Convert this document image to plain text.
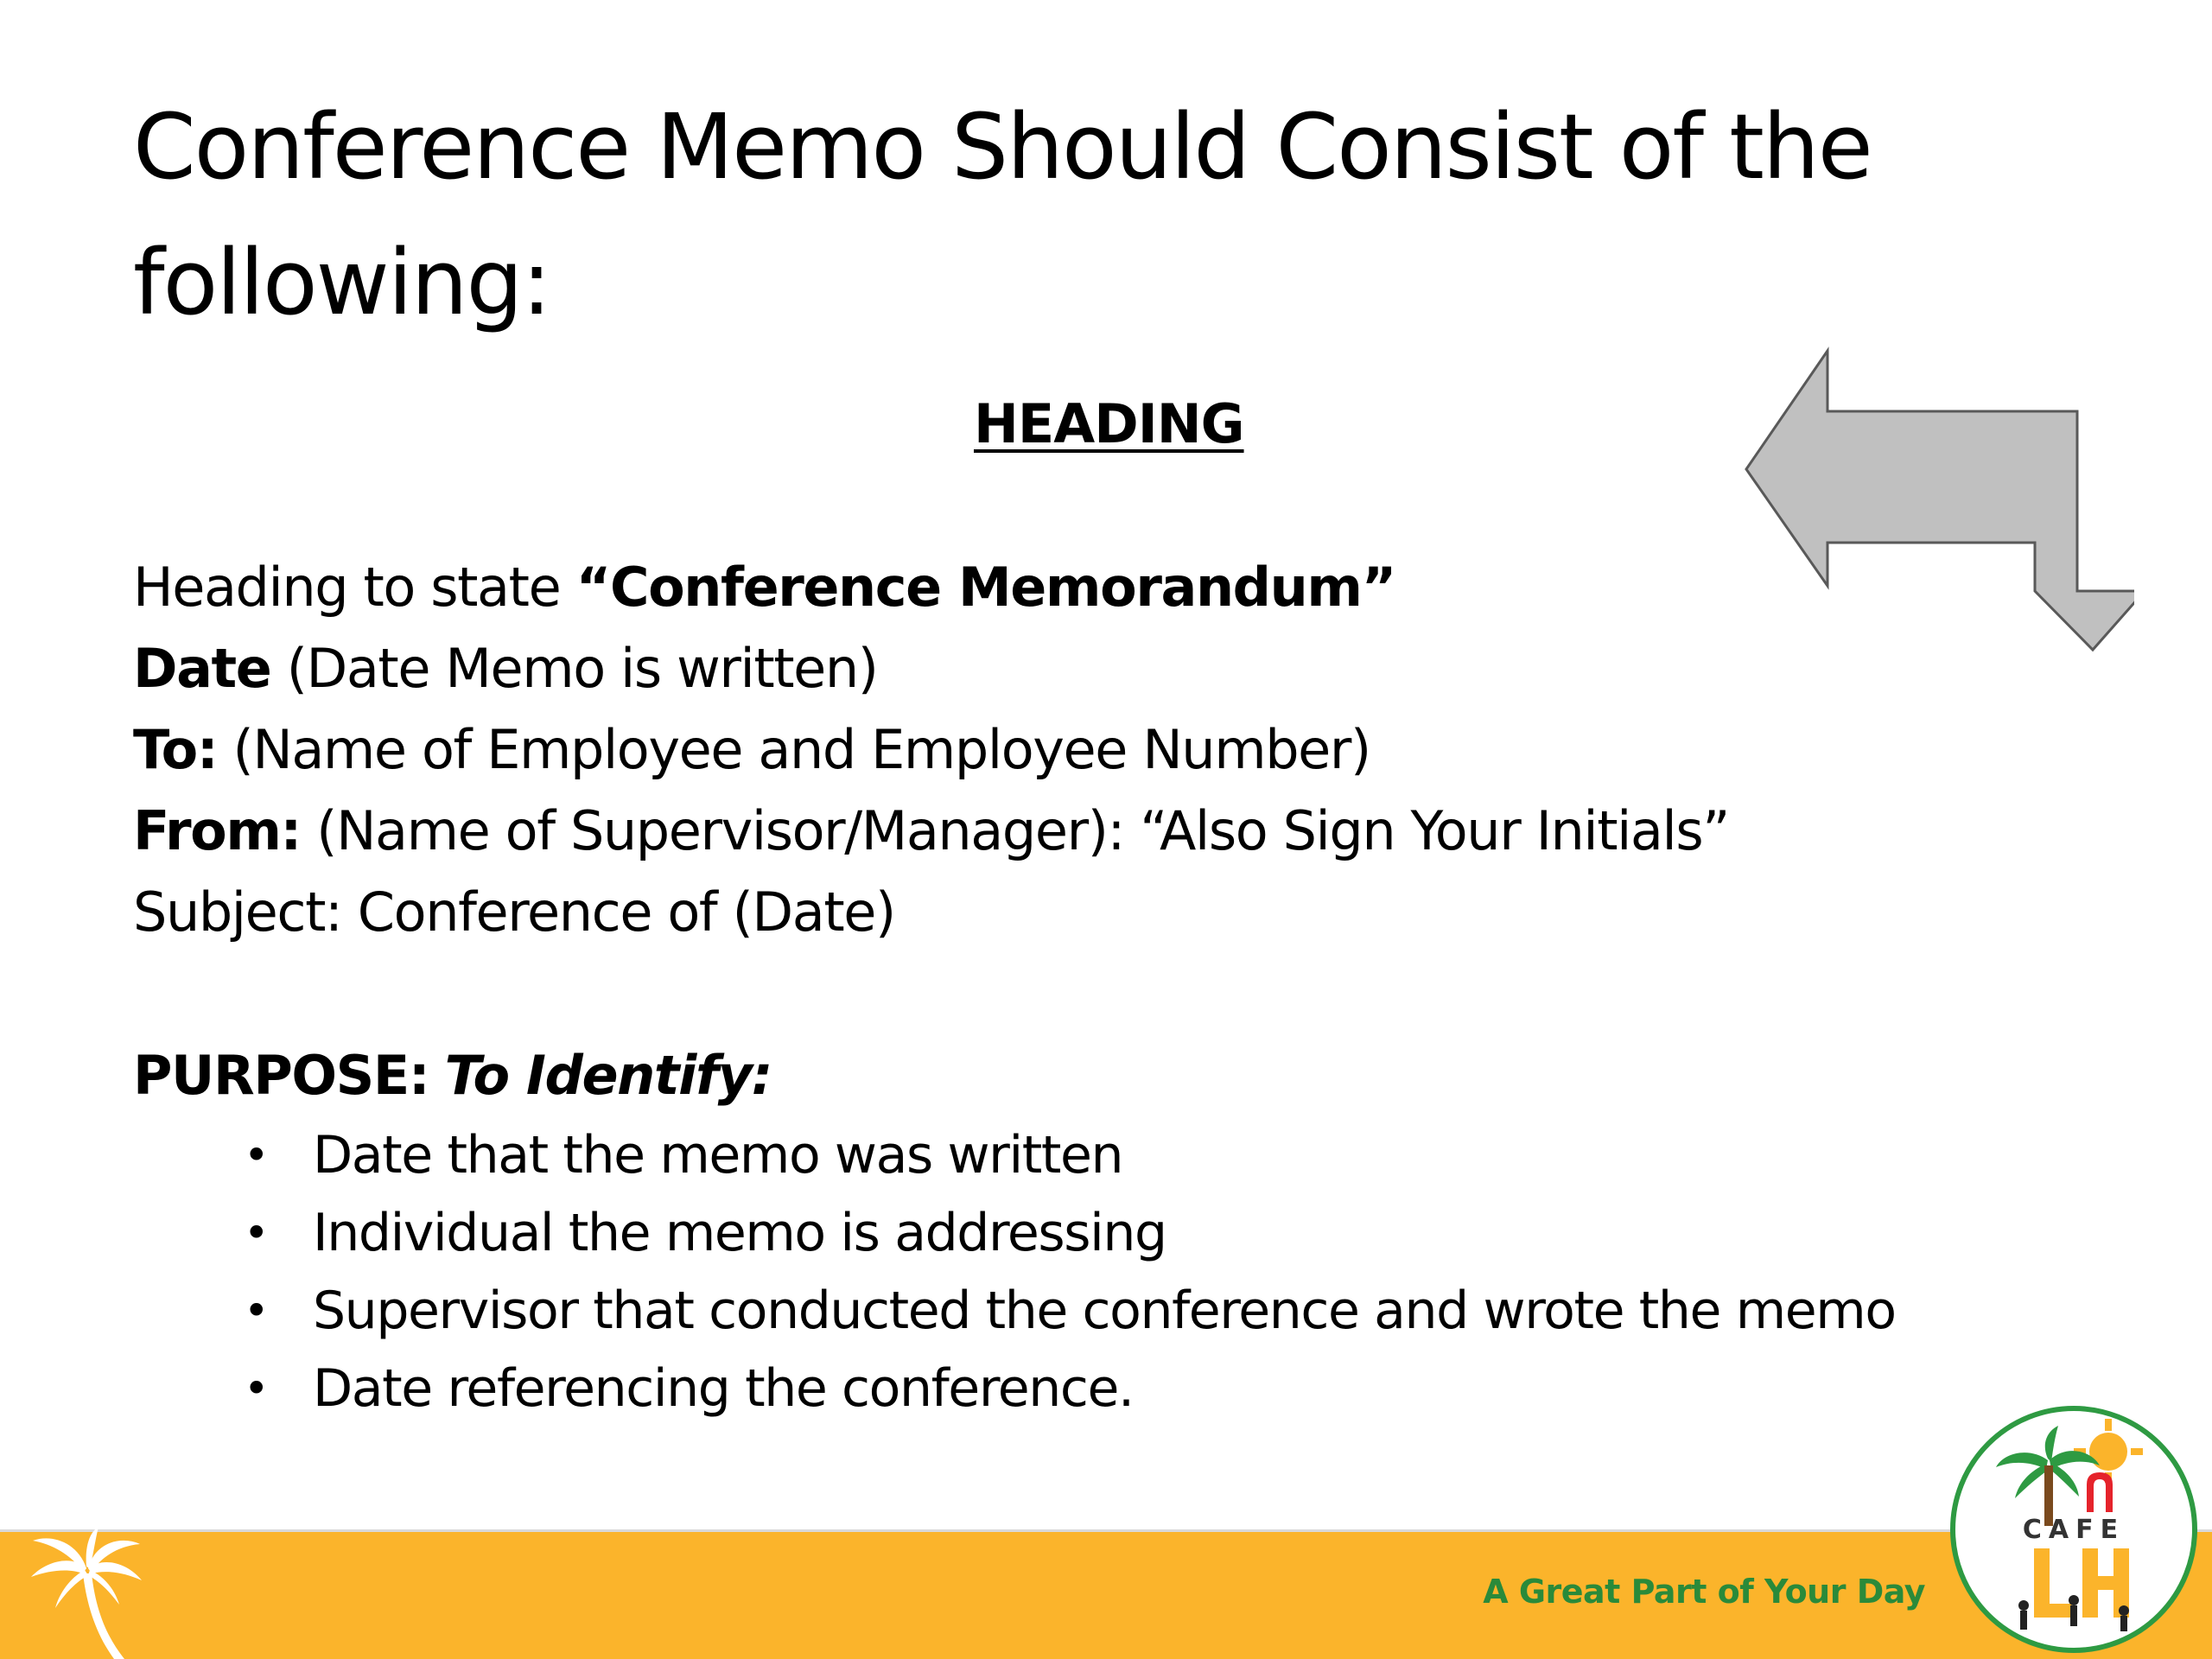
Conference Memo Should Consist of the following:
HEADING
Heading to state “Conference Memorandum”
Date (Date Memo is written)
To: (Name of Employee and Employee Number)
From: (Name of Supervisor/Manager): “Also Sign Your Initials”
Subject: Conference of (Date)
PURPOSE: To Identify:
• Date that the memo was written
• Individual the memo is addressing
• Supervisor that conducted the conference and wrote the memo
• Date referencing the conference.
A Great Part of Your Day
CAFE
